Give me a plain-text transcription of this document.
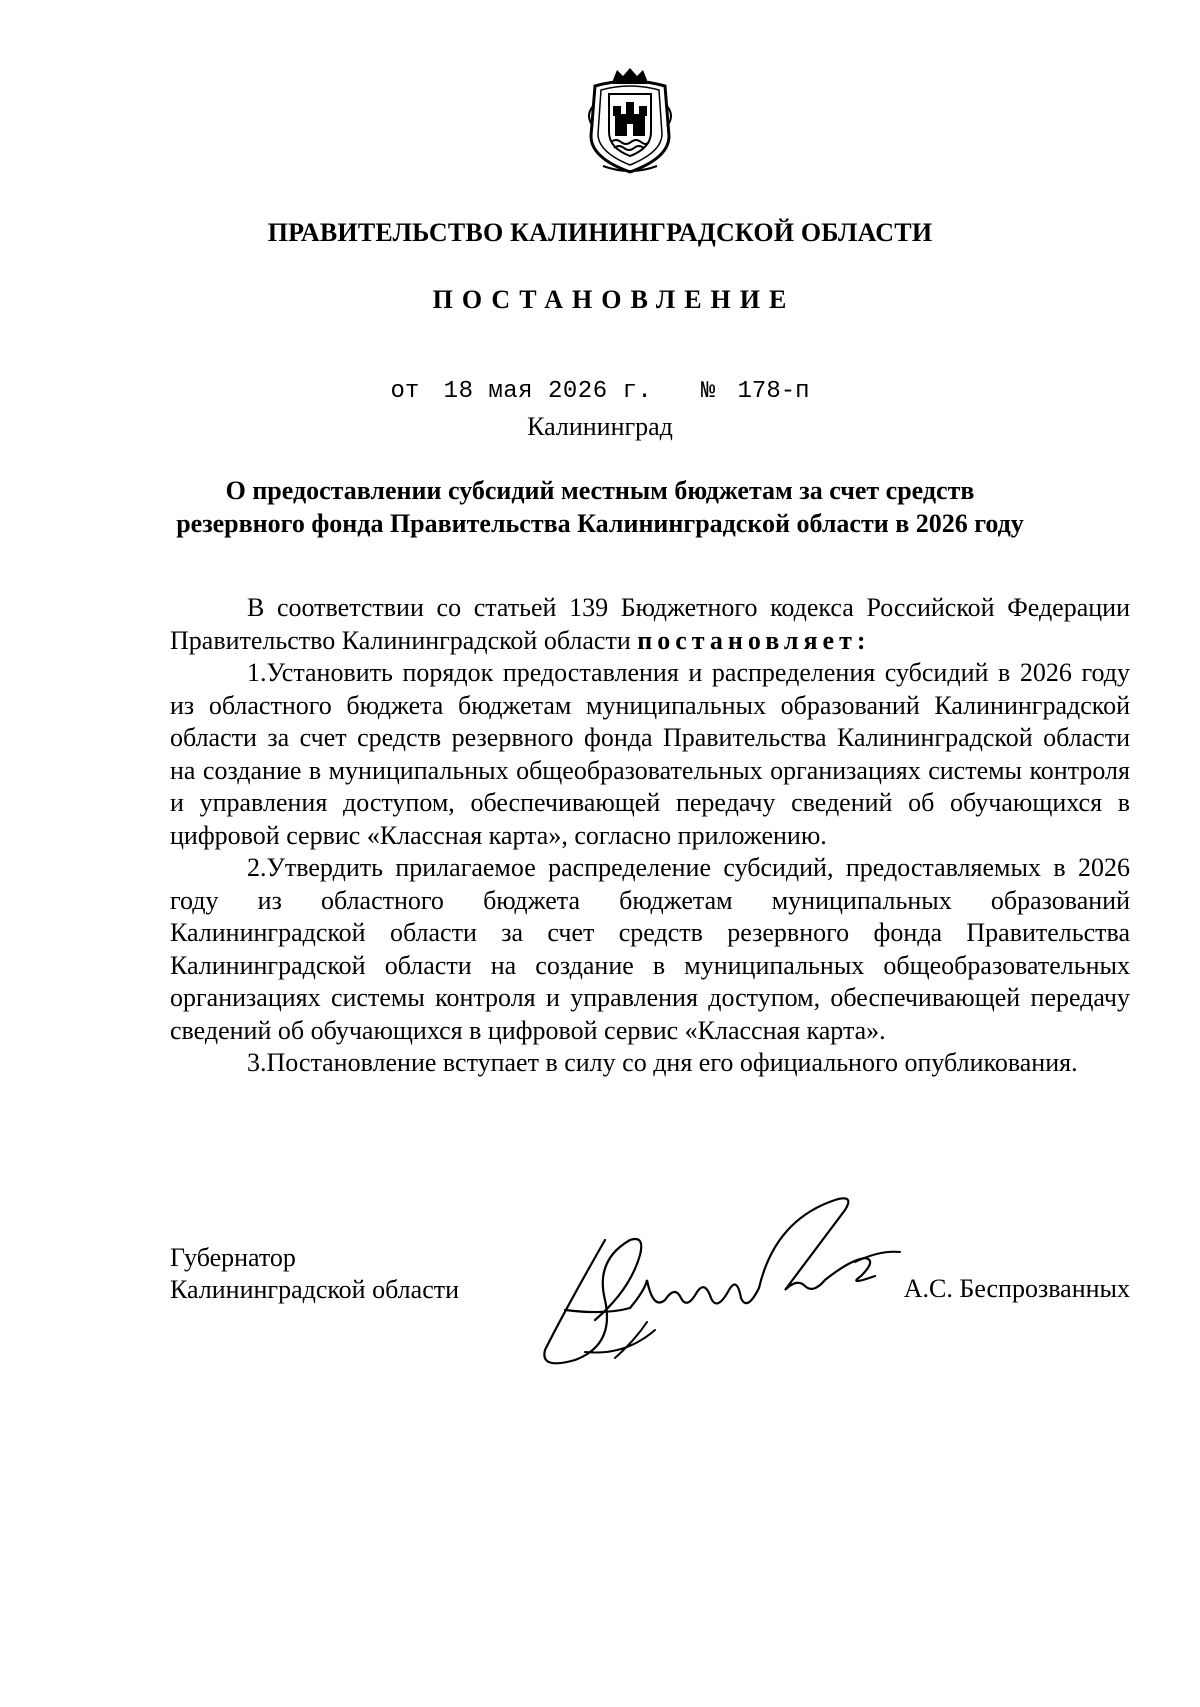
ПРАВИТЕЛЬСТВО КАЛИНИНГРАДСКОЙ ОБЛАСТИ
ПОСТАНОВЛЕНИЕ
от 18 мая 2026 г. № 178-п
Калининград
О предоставлении субсидий местным бюджетам за счет средств
резервного фонда Правительства Калининградской области в 2026 году

В соответствии со статьей 139 Бюджетного кодекса Российской Федерации Правительство Калининградской области постановляет:

1.Установить порядок предоставления и распределения субсидий в 2026 году из областного бюджета бюджетам муниципальных образований Калининградской области за счет средств резервного фонда Правительства Калининградской области на создание в муниципальных общеобразовательных организациях системы контроля и управления доступом, обеспечивающей передачу сведений об обучающихся в цифровой сервис «Классная карта», согласно приложению.

2.Утвердить прилагаемое распределение субсидий, предоставляемых в 2026 году из областного бюджета бюджетам муниципальных образований Калининградской области за счет средств резервного фонда Правительства Калининградской области на создание в муниципальных общеобразовательных организациях системы контроля и управления доступом, обеспечивающей передачу сведений об обучающихся в цифровой сервис «Классная карта».

3.Постановление вступает в силу со дня его официального опубликования.

Губернатор
Калининградской области	А.С. Беспрозванных
